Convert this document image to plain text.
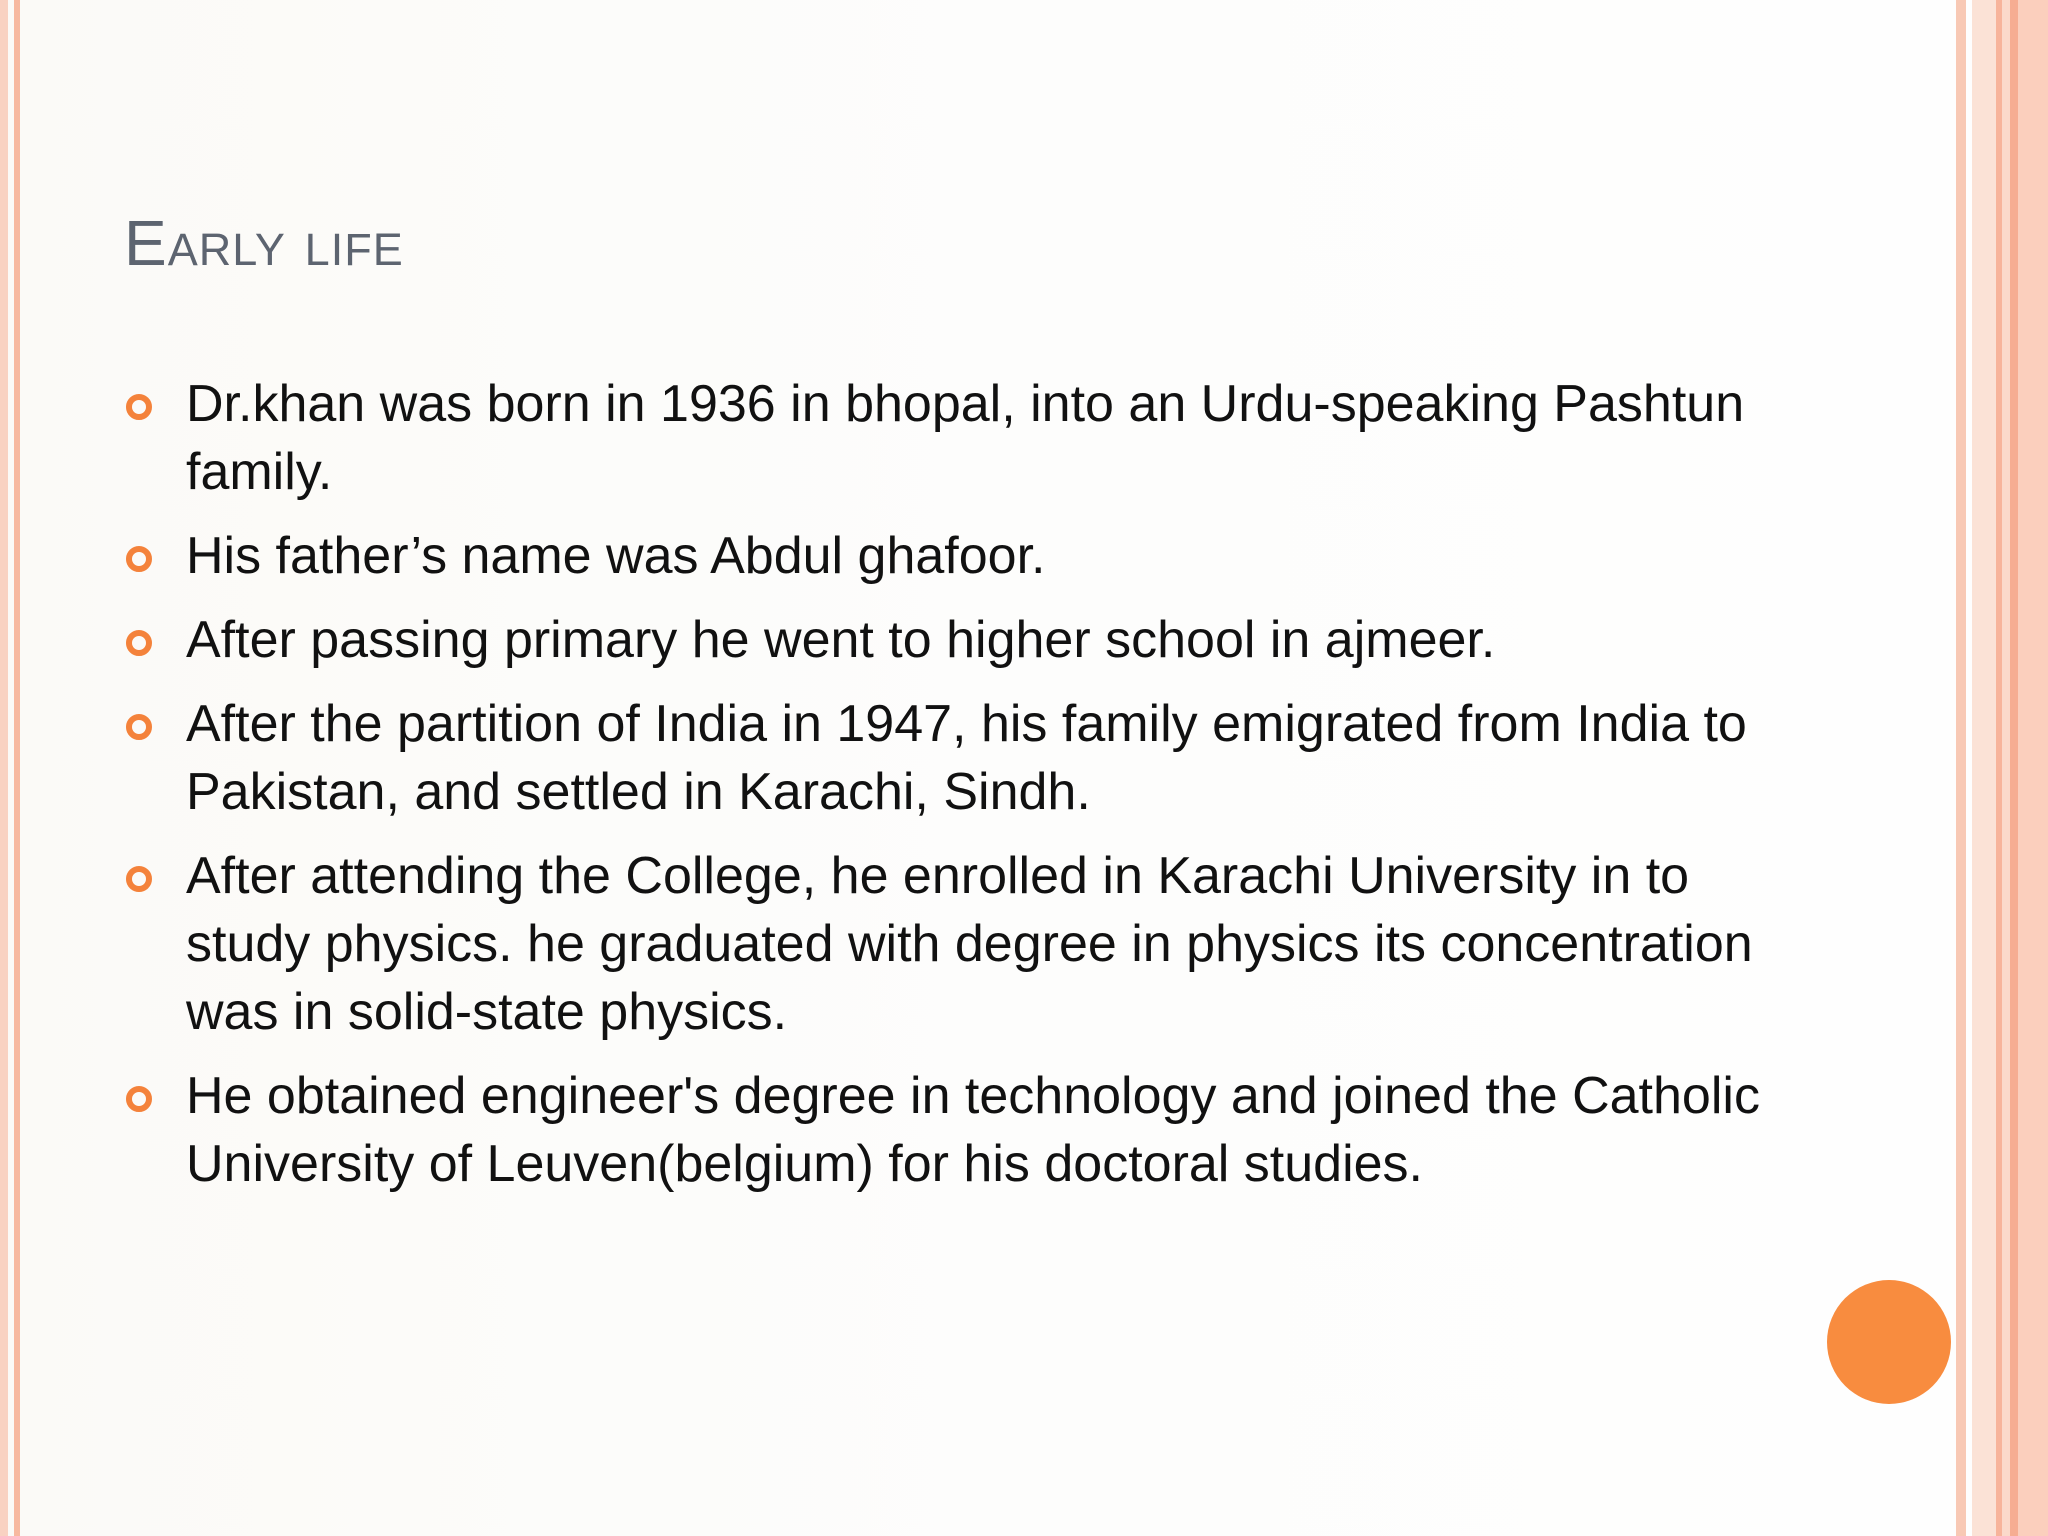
Early life
Dr.khan was born in 1936 in bhopal, into an Urdu-speaking Pashtun family.
His father’s name was Abdul ghafoor.
After passing primary he went to higher school in ajmeer.
After the partition of India in 1947, his family emigrated from India to Pakistan, and settled in Karachi, Sindh.
After attending the College, he enrolled in Karachi University in to study physics. he graduated with degree in physics its concentration was in solid-state physics.
He obtained engineer's degree in technology and joined the Catholic University of Leuven(belgium) for his doctoral studies.
